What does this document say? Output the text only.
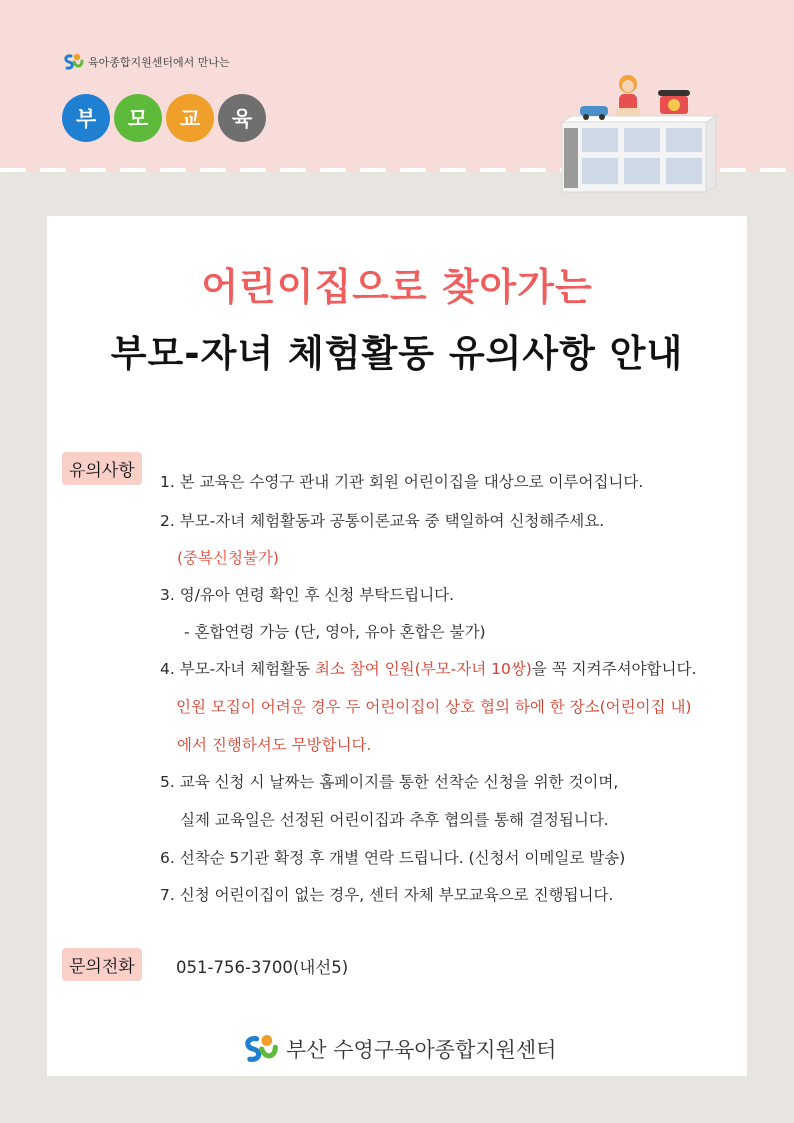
육아종합지원센터에서 만나는
부	모	교	육
어린이집으로 찾아가는
부모-자녀 체험활동 유의사항 안내
유의사항
1. 본 교육은 수영구 관내 기관 회원 어린이집을 대상으로 이루어집니다.
2. 부모-자녀 체험활동과 공통이론교육 중 택일하여 신청해주세요.
(중복신청불가)
3. 영/유아 연령 확인 후 신청 부탁드립니다.
- 혼합연령 가능 (단, 영아, 유아 혼합은 불가)
4. 부모-자녀 체험활동 최소 참여 인원(부모-자녀 10쌍)을 꼭 지켜주셔야합니다.
인원 모집이 어려운 경우 두 어린이집이 상호 협의 하에 한 장소(어린이집 내)
에서 진행하셔도 무방합니다.
5. 교육 신청 시 날짜는 홈페이지를 통한 선착순 신청을 위한 것이며,
실제 교육일은 선정된 어린이집과 추후 협의를 통해 결정됩니다.
6. 선착순 5기관 확정 후 개별 연락 드립니다. (신청서 이메일로 발송)
7. 신청 어린이집이 없는 경우, 센터 자체 부모교육으로 진행됩니다.
문의전화	051-756-3700(내선5)
부산 수영구육아종합지원센터
